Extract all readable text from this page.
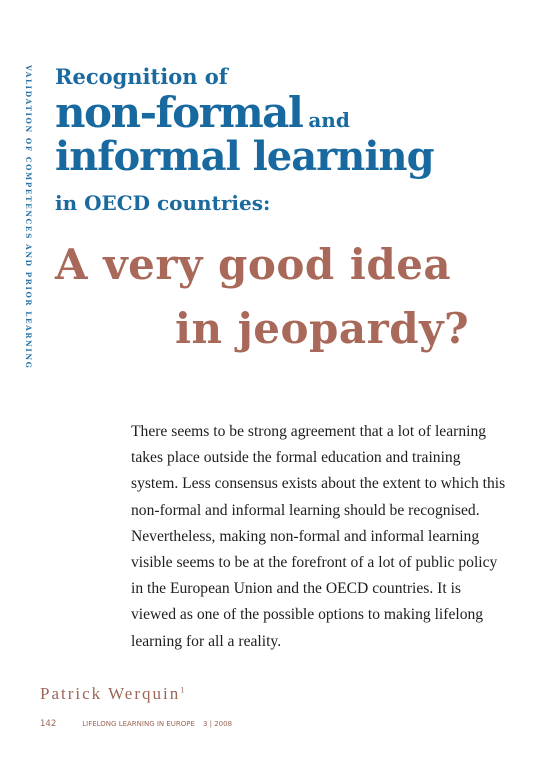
VALIDATION OF COMPETENCES AND PRIOR LEARNING Recognition of
non-formal and
informal learning
in OECD countries:
A very good idea
in jeopardy?
There seems to be strong agreement that a lot of learning takes place outside the formal education and training system. Less consensus exists about the extent to which this non-formal and informal learning should be recognised. Nevertheless, making non-formal and informal learning visible seems to be at the forefront of a lot of public policy in the European Union and the OECD countries. It is viewed as one of the possible options to making lifelong learning for all a reality.
Patrick Werquin$^1$
142	LIFELONG LEARNING IN EUROPE 3 | 2008
